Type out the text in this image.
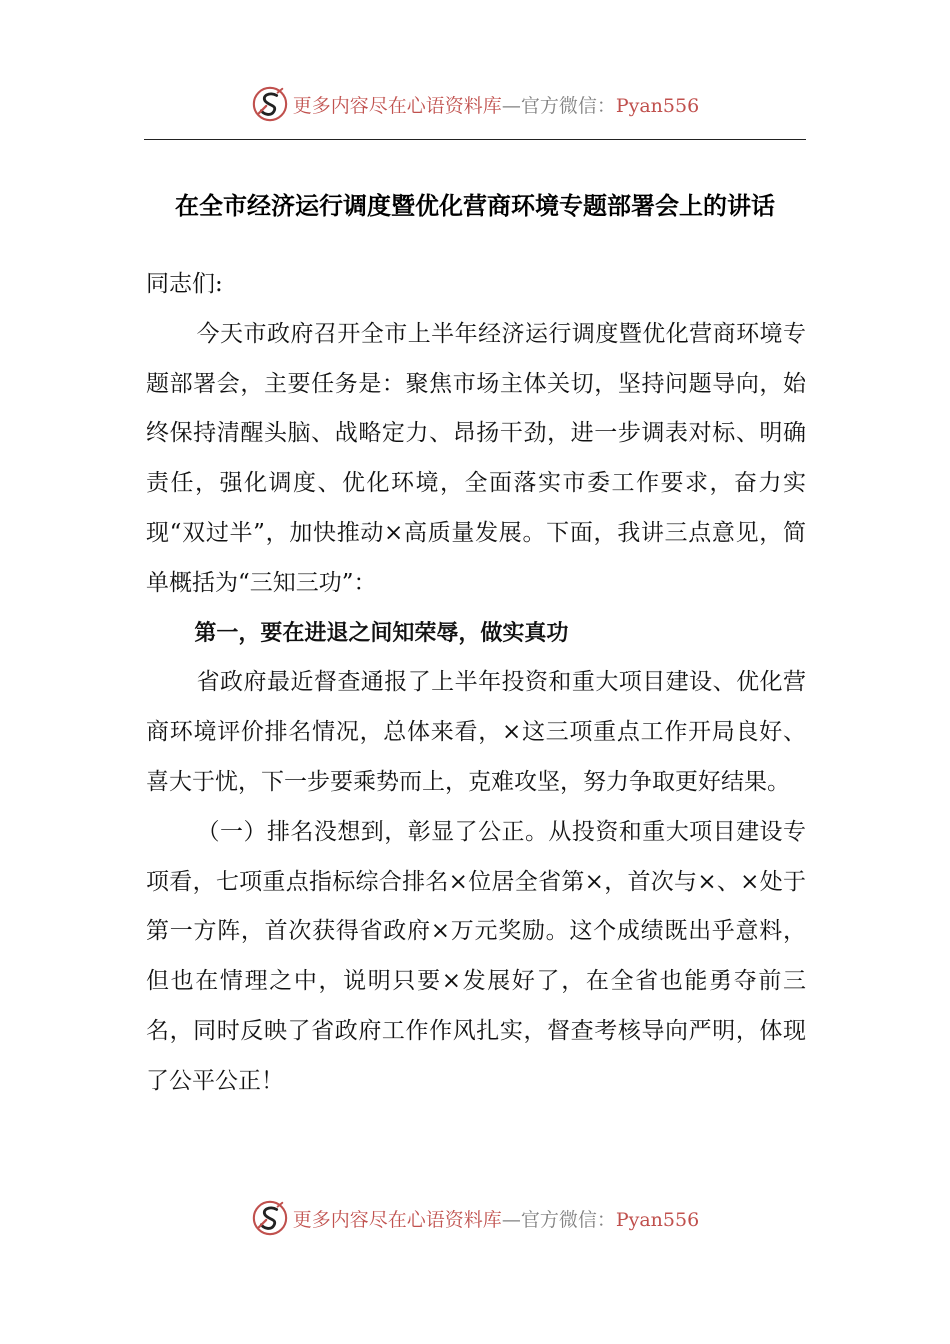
更多内容尽在心语资料库—官方微信：Pyan556
在全市经济运行调度暨优化营商环境专题部署会上的讲话

同志们:

今天市政府召开全市上半年经济运行调度暨优化营商环境专题部署会，主要任务是：聚焦市场主体关切，坚持问题导向，始终保持清醒头脑、战略定力、昂扬干劲，进一步调表对标、明确责任，强化调度、优化环境，全面落实市委工作要求，奋力实现“双过半”，加快推动×高质量发展。下面，我讲三点意见，简单概括为“三知三功”：

第一，要在进退之间知荣辱，做实真功

省政府最近督查通报了上半年投资和重大项目建设、优化营商环境评价排名情况，总体来看，×这三项重点工作开局良好、喜大于忧，下一步要乘势而上，克难攻坚，努力争取更好结果。

（一）排名没想到，彰显了公正。从投资和重大项目建设专项看，七项重点指标综合排名×位居全省第×，首次与×、×处于第一方阵，首次获得省政府×万元奖励。这个成绩既出乎意料，但也在情理之中，说明只要×发展好了，在全省也能勇夺前三名，同时反映了省政府工作作风扎实，督查考核导向严明，体现了公平公正！

更多内容尽在心语资料库—官方微信：Pyan556
